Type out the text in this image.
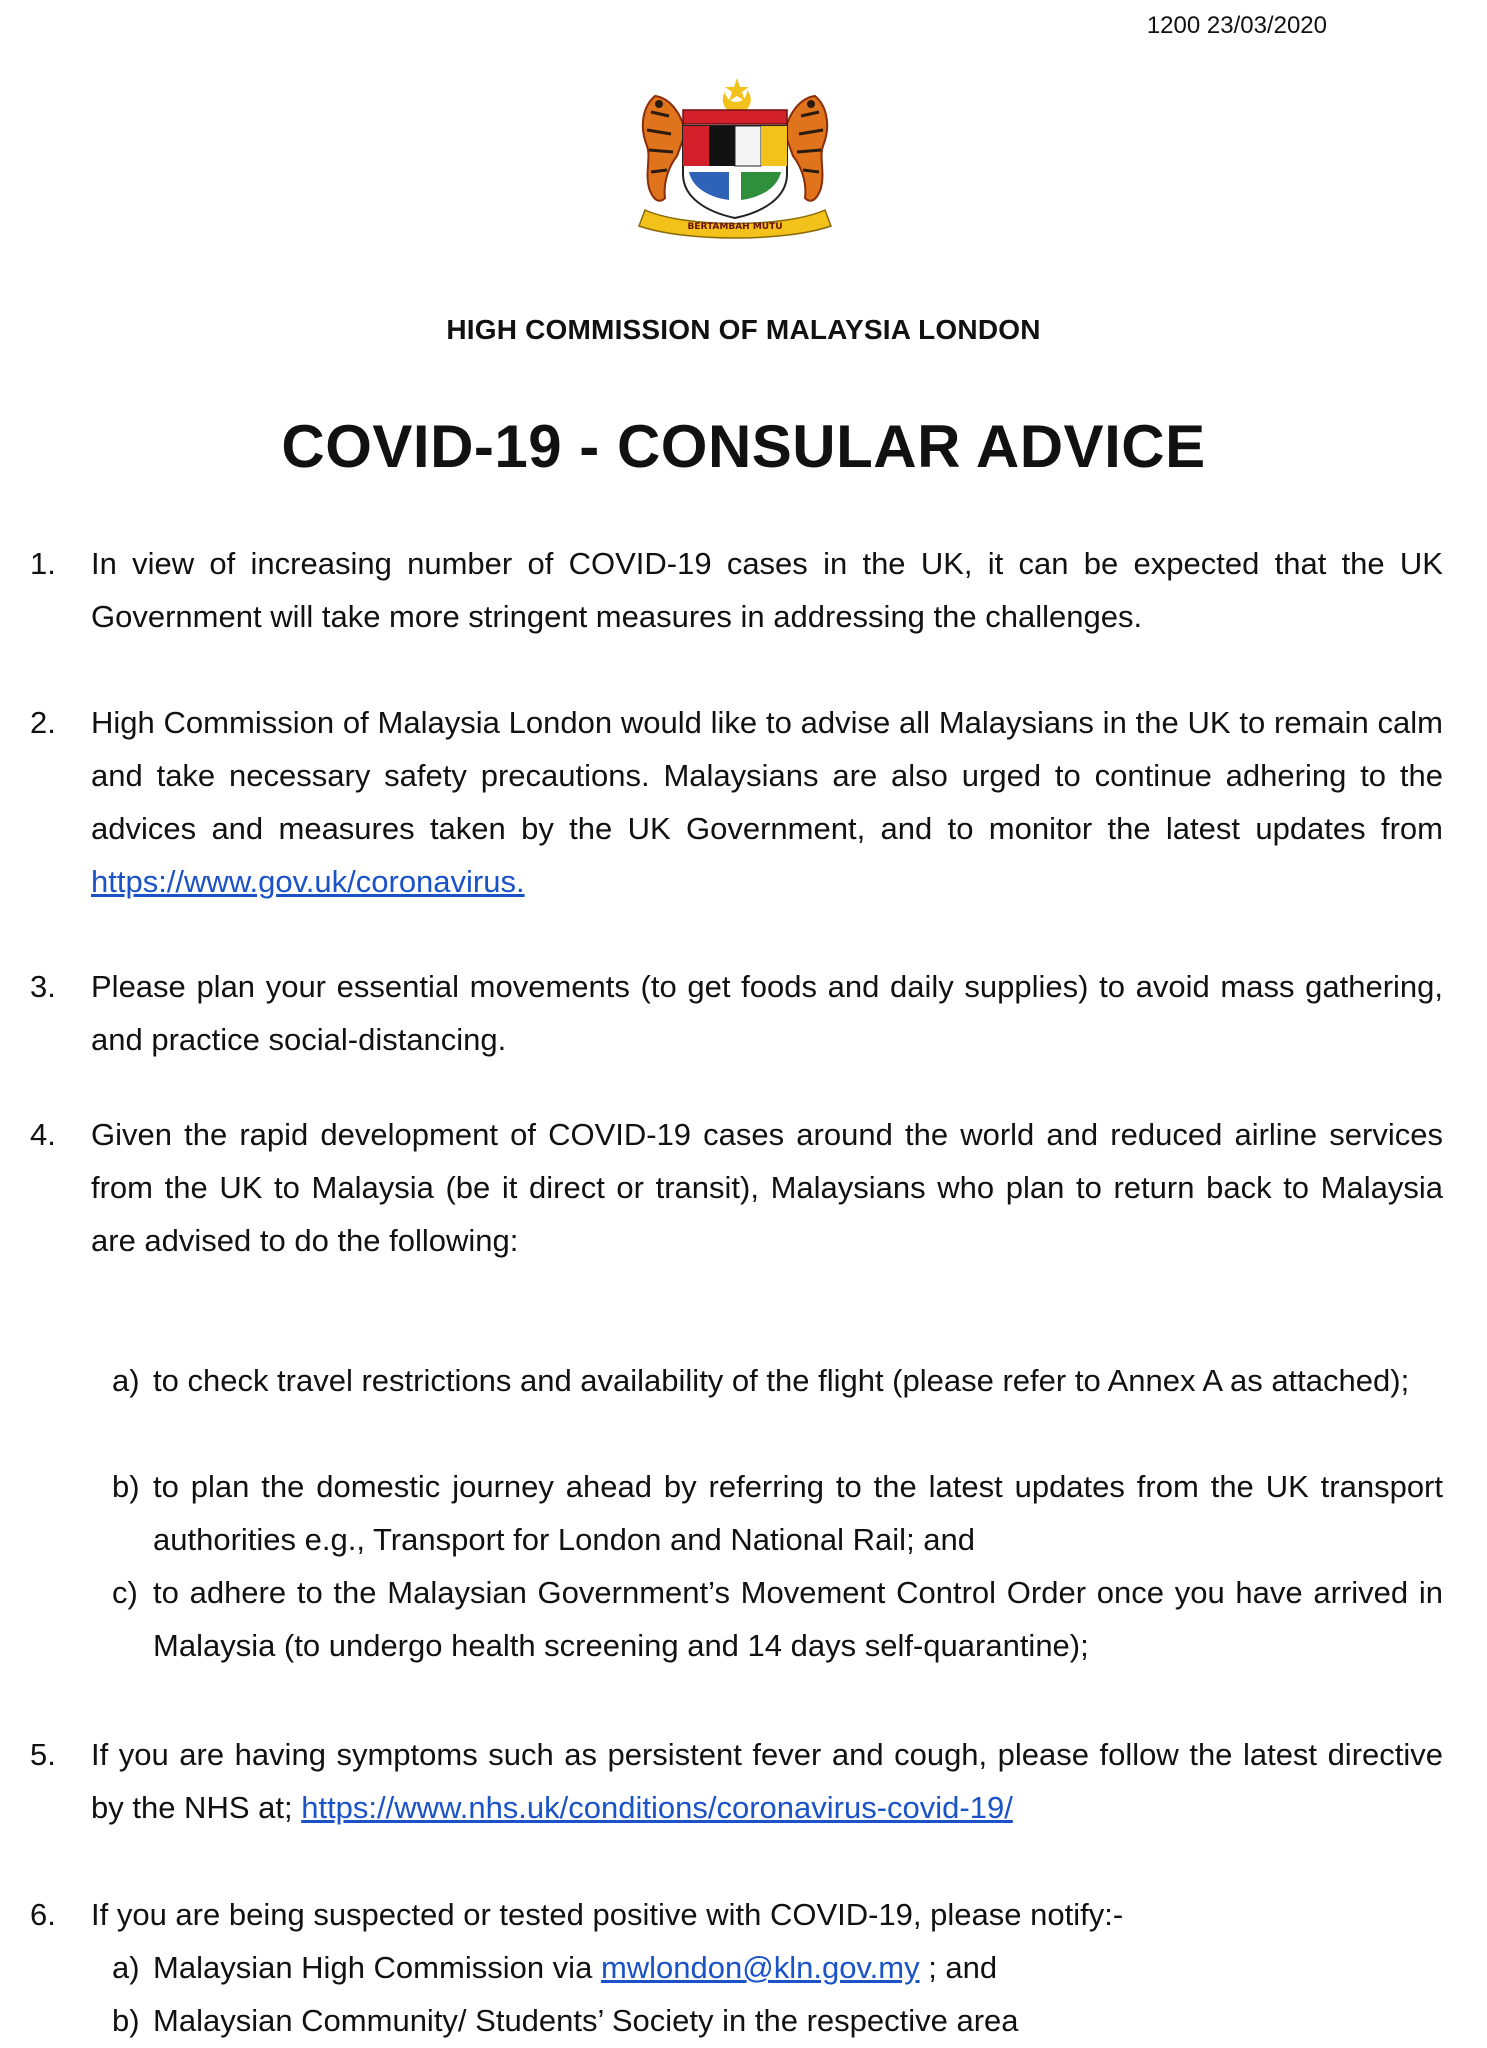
1200 23/03/2020
BERTAMBAH MUTU
HIGH COMMISSION OF MALAYSIA LONDON
COVID-19 - CONSULAR ADVICE
1. In view of increasing number of COVID-19 cases in the UK, it can be expected that the UK Government will take more stringent measures in addressing the challenges.
2. High Commission of Malaysia London would like to advise all Malaysians in the UK to remain calm and take necessary safety precautions. Malaysians are also urged to continue adhering to the advices and measures taken by the UK Government, and to monitor the latest updates from https://www.gov.uk/coronavirus.
3. Please plan your essential movements (to get foods and daily supplies) to avoid mass gathering, and practice social-distancing.
4. Given the rapid development of COVID-19 cases around the world and reduced airline services from the UK to Malaysia (be it direct or transit), Malaysians who plan to return back to Malaysia are advised to do the following:
a) to check travel restrictions and availability of the flight (please refer to Annex A as attached);
b) to plan the domestic journey ahead by referring to the latest updates from the UK transport authorities e.g., Transport for London and National Rail; and
c) to adhere to the Malaysian Government’s Movement Control Order once you have arrived in Malaysia (to undergo health screening and 14 days self-quarantine);
5. If you are having symptoms such as persistent fever and cough, please follow the latest directive by the NHS at; https://www.nhs.uk/conditions/coronavirus-covid-19/
6. If you are being suspected or tested positive with COVID-19, please notify:-
a) Malaysian High Commission via mwlondon@kln.gov.my ; and
b) Malaysian Community/ Students’ Society in the respective area
